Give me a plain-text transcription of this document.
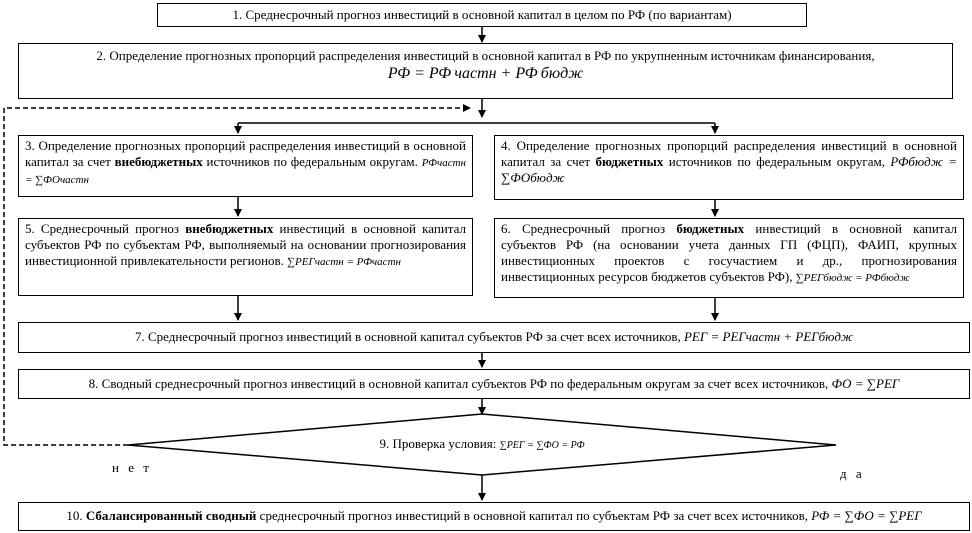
1. Среднесрочный прогноз инвестиций в основной капитал в целом по РФ (по вариантам)
2. Определение прогнозных пропорций распределения инвестиций в основной капитал в РФ по укрупненным источникам финансирования,
РФ = РФ частн + РФ бюдж
3. Определение прогнозных пропорций распределения инвестиций в основной капитал за счет внебюджетных источников по федеральным округам. РФчастн = ∑ФОчастн
4. Определение прогнозных пропорций распределения инвестиций в основной капитал за счет бюджетных источников по федеральным округам, РФбюдж = ∑ФОбюдж
5. Среднесрочный прогноз внебюджетных инвестиций в основной капитал субъектов РФ по субъектам РФ, выполняемый на основании прогнозирования инвестиционной привлекательности регионов. ∑РЕГчастн = РФчастн
6. Среднесрочный прогноз бюджетных инвестиций в основной капитал субъектов РФ (на основании учета данных ГП (ФЦП), ФАИП, крупных инвестиционных проектов с госучастием и др., прогнозирования инвестиционных ресурсов бюджетов субъектов РФ), ∑РЕГбюдж = РФбюдж
7. Среднесрочный прогноз инвестиций в основной капитал субъектов РФ за счет всех источников, РЕГ = РЕГчастн + РЕГбюдж
8. Сводный среднесрочный прогноз инвестиций в основной капитал субъектов РФ по федеральным округам за счет всех источников, ФО = ∑РЕГ
9. Проверка условия: ∑РЕГ = ∑ФО = РФ
н е т	д а
10. Сбалансированный сводный среднесрочный прогноз инвестиций в основной капитал по субъектам РФ за счет всех источников, РФ = ∑ФО = ∑РЕГ
